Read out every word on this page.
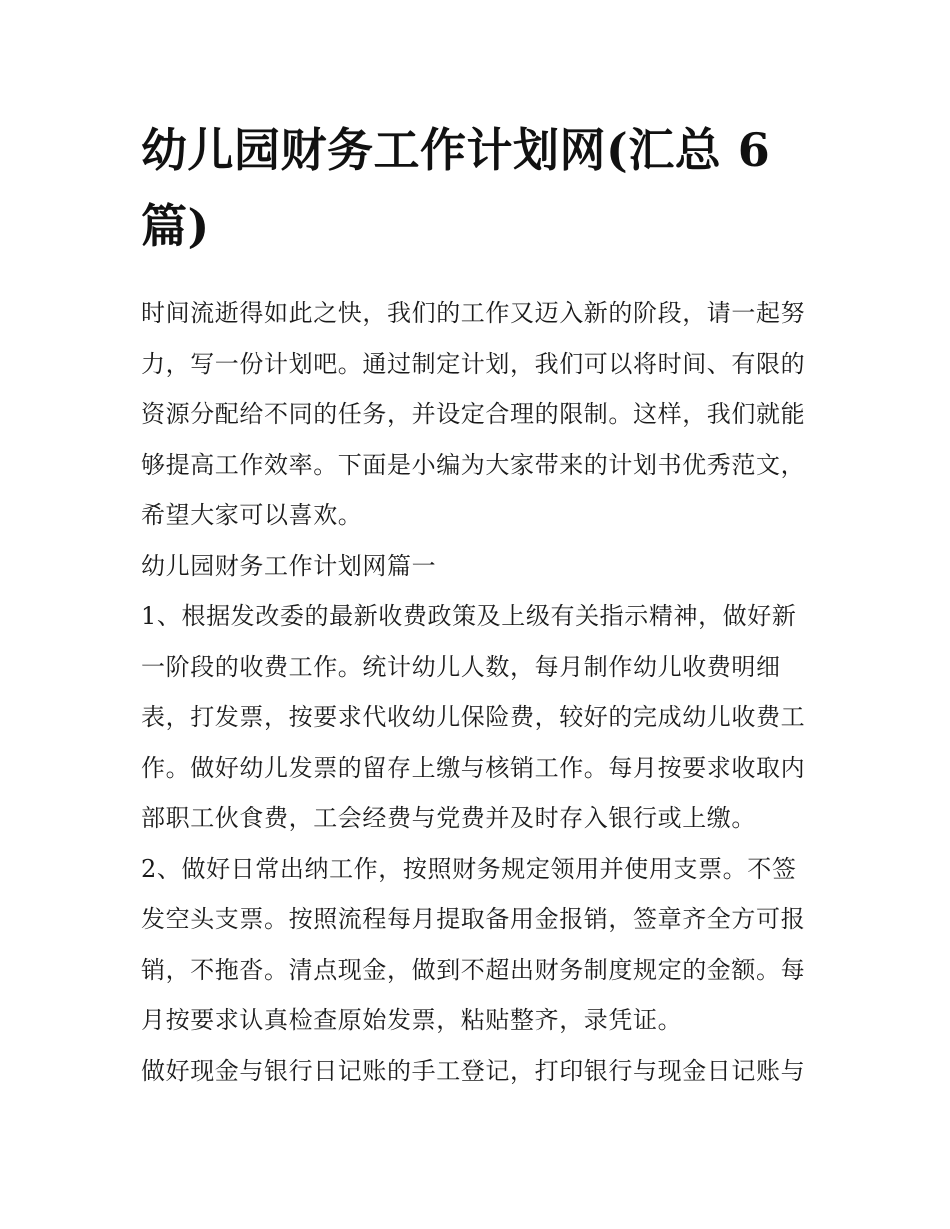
幼儿园财务工作计划网(汇总 6 篇)

时间流逝得如此之快，我们的工作又迈入新的阶段，请一起努力，写一份计划吧。通过制定计划，我们可以将时间、有限的资源分配给不同的任务，并设定合理的限制。这样，我们就能够提高工作效率。下面是小编为大家带来的计划书优秀范文，希望大家可以喜欢。

幼儿园财务工作计划网篇一

1、根据发改委的最新收费政策及上级有关指示精神，做好新一阶段的收费工作。统计幼儿人数，每月制作幼儿收费明细表，打发票，按要求代收幼儿保险费，较好的完成幼儿收费工作。做好幼儿发票的留存上缴与核销工作。每月按要求收取内部职工伙食费，工会经费与党费并及时存入银行或上缴。

2、做好日常出纳工作，按照财务规定领用并使用支票。不签发空头支票。按照流程每月提取备用金报销，签章齐全方可报销，不拖沓。清点现金，做到不超出财务制度规定的金额。每月按要求认真检查原始发票，粘贴整齐，录凭证。

做好现金与银行日记账的手工登记，打印银行与现金日记账与
